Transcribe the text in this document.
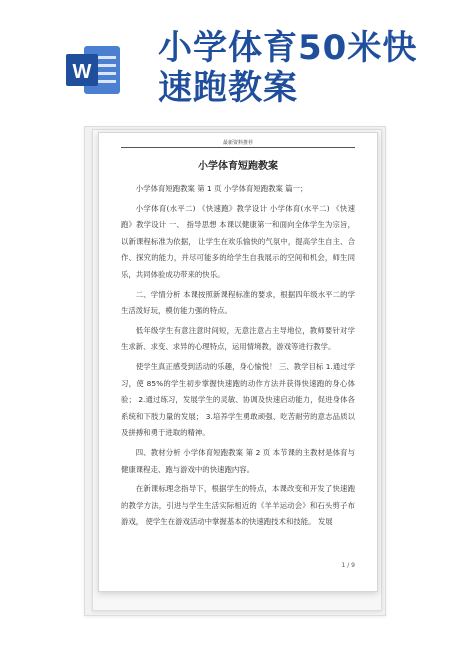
W
小学体育50米快
速跑教案
最新资料推荐
小学体育短跑教案

小学体育短跑教案 第 1 页 小学体育短跑教案 篇一；

小学体育(水平二) 《快速跑》教学设计 小学体育(水平二) 《快速跑》教学设计 一、 指导思想 本课以健康第一和面向全体学生为宗旨，以新课程标准为依据， 让学生在欢乐愉快的气氛中，提高学生自主、合作、探究的能力，并尽可能多的给学生自我展示的空间和机会，师生同乐，共同体验成功带来的快乐。

二、学情分析 本课按照新课程标准的要求，根据四年级水平二的学生活泼好玩，模仿能力强的特点。

低年级学生有意注意时间短，无意注意占主导地位，教师要针对学生求新、求变、求异的心理特点，运用情境教，游戏等进行教学。

使学生真正感受到活动的乐趣，身心愉悦！ 三、教学目标 1.通过学习，使 85%的学生初步掌握快速跑的动作方法并获得快速跑的身心体验； 2.通过练习，发展学生的灵敏、协调及快速启动能力，促进身体各系统和下肢力量的发展； 3.培养学生勇敢顽强、吃苦耐劳的意志品质以及拼搏和勇于进取的精神。

四、教材分析 小学体育短跑教案 第 2 页 本节课的主教材是体育与健康课程走、跑与游戏中的快速跑内容。

在新课标理念指导下，根据学生的特点，本课改变和开发了快速跑的教学方法，引进与学生生活实际相近的《羊羊运动会》和石头剪子布游戏， 使学生在游戏活动中掌握基本的快速跑技术和技能。 发展

1 / 9
